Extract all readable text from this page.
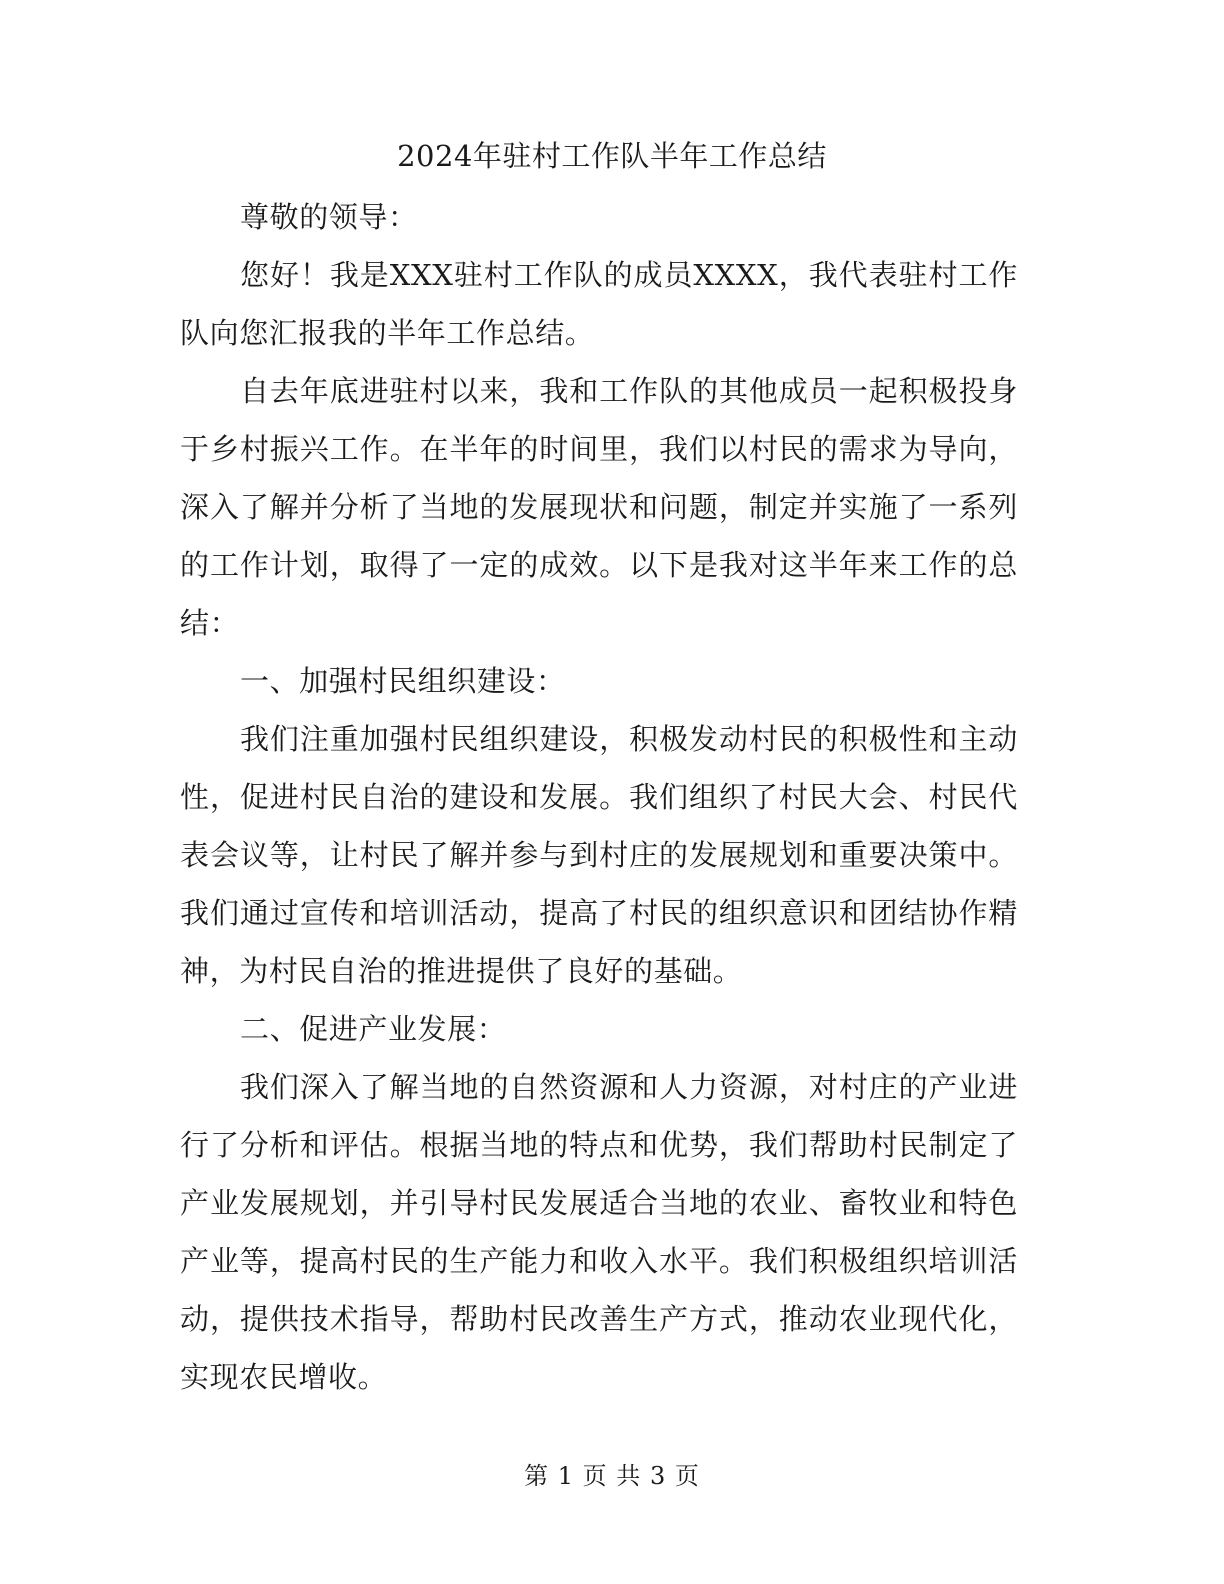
2024年驻村工作队半年工作总结

尊敬的领导：

您好！我是XXX驻村工作队的成员XXXX，我代表驻村工作队向您汇报我的半年工作总结。

自去年底进驻村以来，我和工作队的其他成员一起积极投身于乡村振兴工作。在半年的时间里，我们以村民的需求为导向，深入了解并分析了当地的发展现状和问题，制定并实施了一系列的工作计划，取得了一定的成效。以下是我对这半年来工作的总结：

一、加强村民组织建设：

我们注重加强村民组织建设，积极发动村民的积极性和主动性，促进村民自治的建设和发展。我们组织了村民大会、村民代表会议等，让村民了解并参与到村庄的发展规划和重要决策中。我们通过宣传和培训活动，提高了村民的组织意识和团结协作精神，为村民自治的推进提供了良好的基础。

二、促进产业发展：

我们深入了解当地的自然资源和人力资源，对村庄的产业进行了分析和评估。根据当地的特点和优势，我们帮助村民制定了产业发展规划，并引导村民发展适合当地的农业、畜牧业和特色产业等，提高村民的生产能力和收入水平。我们积极组织培训活动，提供技术指导，帮助村民改善生产方式，推动农业现代化，实现农民增收。

第 1 页 共 3 页
